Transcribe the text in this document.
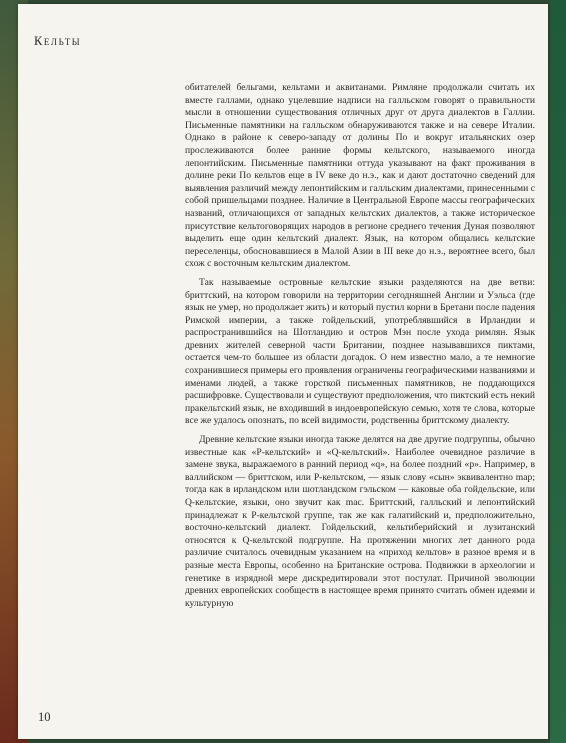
Кельты

обитателей бельгами, кельтами и аквитанами. Римляне продолжали считать их вместе галлами, однако уцелевшие надписи на галльском говорят о правильности мысли в отношении существования отличных друг от друга диалектов в Галлии. Письменные памятники на галльском обнаруживаются также и на севере Италии. Однако в районе к северо-западу от долины По и вокруг итальянских озер прослеживаются более ранние формы кельтского, называемого иногда лепонтийским. Письменные памятники оттуда указывают на факт проживания в долине реки По кельтов еще в IV веке до н.э., как и дают достаточно сведений для выявления различий между лепонтийским и галльским диалектами, принесенными с собой пришельцами позднее. Наличие в Центральной Европе массы географических названий, отличающихся от западных кельтских диалектов, а также историческое присутствие кельтоговорящих народов в регионе среднего течения Дуная позволяют выделить еще один кельтский диалект. Язык, на котором общались кельтские переселенцы, обосновавшиеся в Малой Азии в III веке до н.э., вероятнее всего, был схож с восточным кельтским диалектом.

Так называемые островные кельтские языки разделяются на две ветви: бриттский, на котором говорили на территории сегодняшней Англии и Уэльса (где язык не умер, но продолжает жить) и который пустил корни в Бретани после падения Римской империи, а также гойдельский, употреблявшийся в Ирландии и распространившийся на Шотландию и остров Мэн после ухода римлян. Язык древних жителей северной части Британии, позднее называвшихся пиктами, остается чем-то большее из области догадок. О нем известно мало, а те немногие сохранившиеся примеры его проявления ограничены географическими названиями и именами людей, а также горсткой письменных памятников, не поддающихся расшифровке. Существовали и существуют предположения, что пиктский есть некий пракельтский язык, не входивший в индоевропейскую семью, хотя те слова, которые все же удалось опознать, по всей видимости, родственны бриттскому диалекту.

Древние кельтские языки иногда также делятся на две другие подгруппы, обычно известные как «P-кельтский» и «Q-кельтский». Наиболее очевидное различие в замене звука, выражаемого в ранний период «q», на более поздний «p». Например, в валлийском — бриттском, или P-кельтском, — язык слову «сын» эквивалентно map; тогда как в ирландском или шотландском гэльском — каковые оба гойдельские, или Q-кельтские, языки, оно звучит как mac. Бриттский, галльский и лепонтийский принадлежат к P-кельтской группе, так же как галатийский и, предположительно, восточно-кельтский диалект. Гойдельский, кельтиберийский и лузитанский относятся к Q-кельтской подгруппе. На протяжении многих лет данного рода различие считалось очевидным указанием на «приход кельтов» в разное время и в разные места Европы, особенно на Британские острова. Подвижки в археологии и генетике в изрядной мере дискредитировали этот постулат. Причиной эволюции древних европейских сообществ в настоящее время принято считать обмен идеями и культурную

10
